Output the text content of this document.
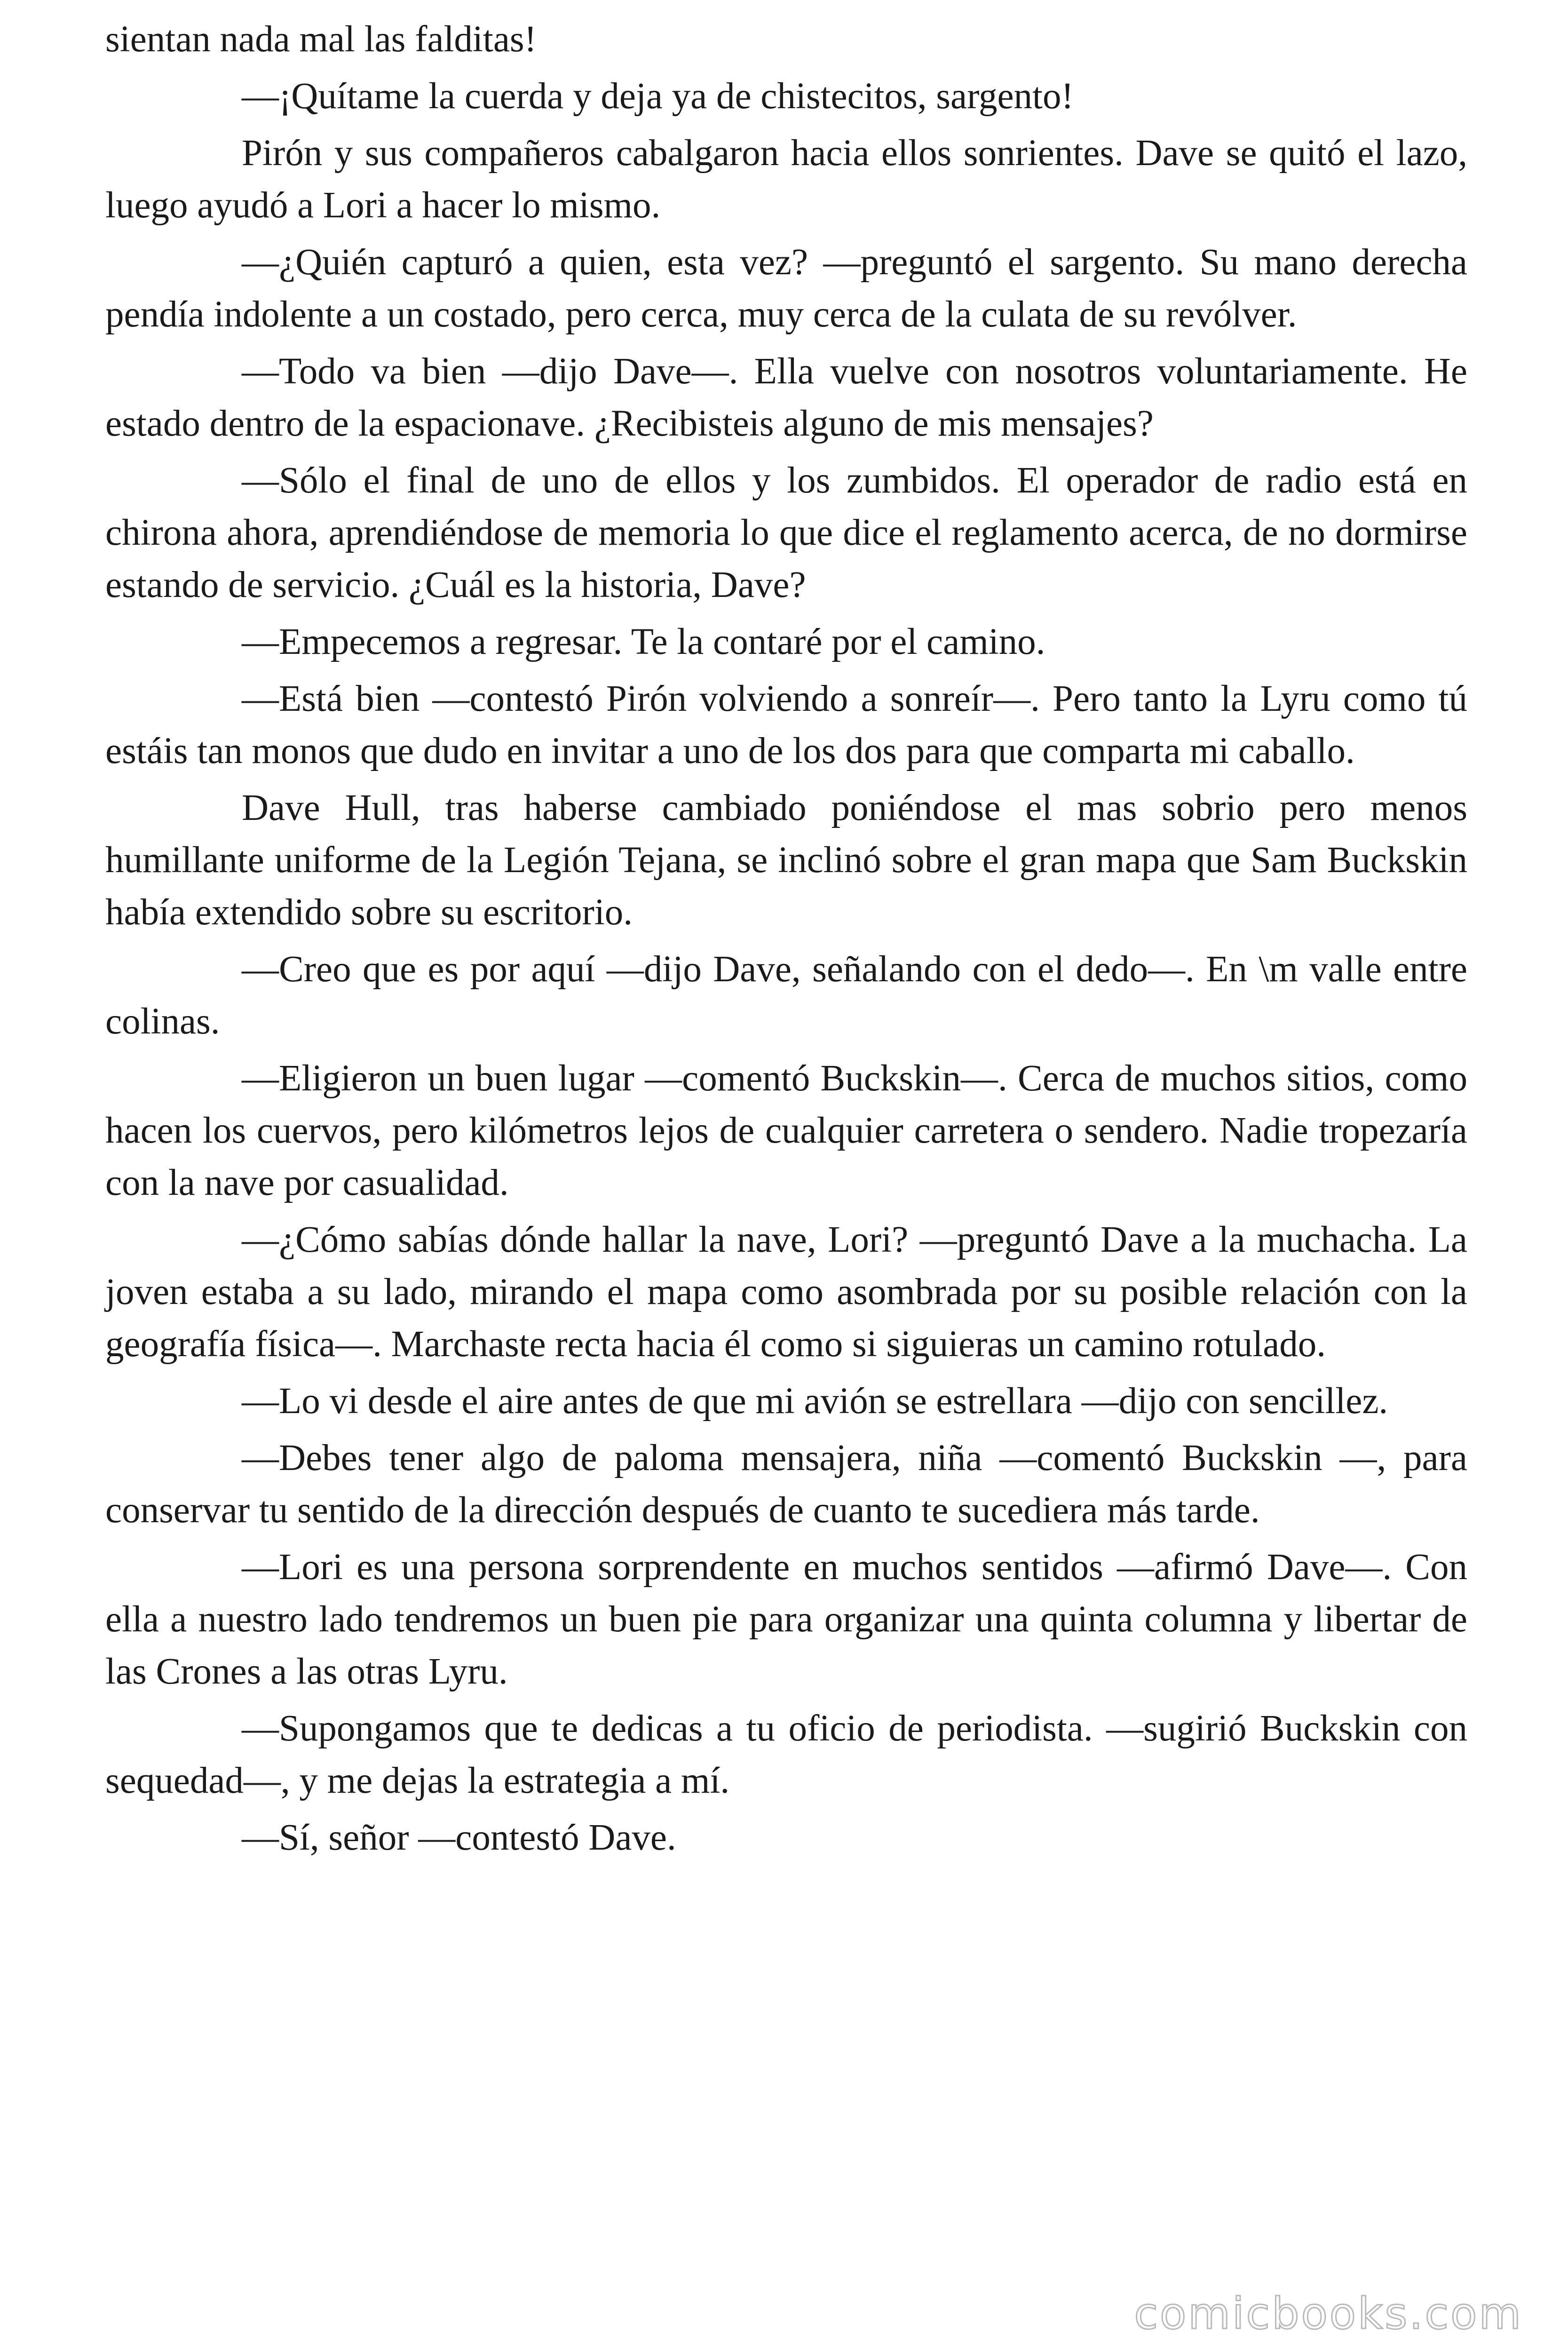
sientan nada mal las falditas!

—¡Quítame la cuerda y deja ya de chistecitos, sargento!

Pirón y sus compañeros cabalgaron hacia ellos sonrientes. Dave se quitó el lazo, luego ayudó a Lori a hacer lo mismo.

—¿Quién capturó a quien, esta vez? —preguntó el sargento. Su mano derecha pendía indolente a un costado, pero cerca, muy cerca de la culata de su revólver.

—Todo va bien —dijo Dave—. Ella vuelve con nosotros voluntariamente. He estado dentro de la espacionave. ¿Recibisteis alguno de mis mensajes?

—Sólo el final de uno de ellos y los zumbidos. El operador de radio está en chirona ahora, aprendiéndose de memoria lo que dice el reglamento acerca, de no dormirse estando de servicio. ¿Cuál es la historia, Dave?

—Empecemos a regresar. Te la contaré por el camino.

—Está bien —contestó Pirón volviendo a sonreír—. Pero tanto la Lyru como tú estáis tan monos que dudo en invitar a uno de los dos para que comparta mi caballo.

Dave Hull, tras haberse cambiado poniéndose el mas sobrio pero menos humillante uniforme de la Legión Tejana, se inclinó sobre el gran mapa que Sam Buckskin había extendido sobre su escritorio.

—Creo que es por aquí —dijo Dave, señalando con el dedo—. En \m valle entre colinas.

—Eligieron un buen lugar —comentó Buckskin—. Cerca de muchos sitios, como hacen los cuervos, pero kilómetros lejos de cualquier carretera o sendero. Nadie tropezaría con la nave por casualidad.

—¿Cómo sabías dónde hallar la nave, Lori? —preguntó Dave a la muchacha. La joven estaba a su lado, mirando el mapa como asombrada por su posible relación con la geografía física—. Marchaste recta hacia él como si siguieras un camino rotulado.

—Lo vi desde el aire antes de que mi avión se estrellara —dijo con sencillez.

—Debes tener algo de paloma mensajera, niña —comentó Buckskin —, para conservar tu sentido de la dirección después de cuanto te sucediera más tarde.

—Lori es una persona sorprendente en muchos sentidos —afirmó Dave—. Con ella a nuestro lado tendremos un buen pie para organizar una quinta columna y libertar de las Crones a las otras Lyru.

—Supongamos que te dedicas a tu oficio de periodista. —sugirió Buckskin con sequedad—, y me dejas la estrategia a mí.

—Sí, señor —contestó Dave.

comicbooks.com
